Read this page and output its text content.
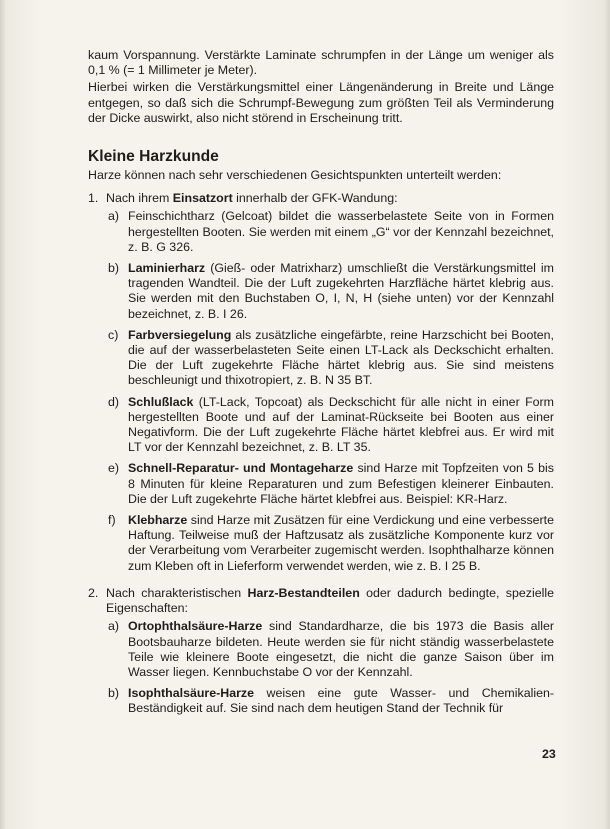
kaum Vorspannung. Verstärkte Laminate schrumpfen in der Länge um weniger als 0,1 % (= 1 Millimeter je Meter).

Hierbei wirken die Verstärkungsmittel einer Längenänderung in Breite und Länge entgegen, so daß sich die Schrumpf-Bewegung zum größten Teil als Verminderung der Dicke auswirkt, also nicht störend in Erscheinung tritt.

Kleine Harzkunde

Harze können nach sehr verschiedenen Gesichtspunkten unterteilt werden:

1. Nach ihrem Einsatzort innerhalb der GFK-Wandung:

a) Feinschichtharz (Gelcoat) bildet die wasserbelastete Seite von in Formen hergestellten Booten. Sie werden mit einem „G“ vor der Kennzahl bezeichnet, z. B. G 326.

b) Laminierharz (Gieß- oder Matrixharz) umschließt die Verstärkungsmittel im tragenden Wandteil. Die der Luft zugekehrten Harzfläche härtet klebrig aus. Sie werden mit den Buchstaben O, I, N, H (siehe unten) vor der Kennzahl bezeichnet, z. B. I 26.

c) Farbversiegelung als zusätzliche eingefärbte, reine Harzschicht bei Booten, die auf der wasserbelasteten Seite einen LT-Lack als Deckschicht erhalten. Die der Luft zugekehrte Fläche härtet klebrig aus. Sie sind meistens beschleunigt und thixotropiert, z. B. N 35 BT.

d) Schlußlack (LT-Lack, Topcoat) als Deckschicht für alle nicht in einer Form hergestellten Boote und auf der Laminat-Rückseite bei Booten aus einer Negativform. Die der Luft zugekehrte Fläche härtet klebfrei aus. Er wird mit LT vor der Kennzahl bezeichnet, z. B. LT 35.

e) Schnell-Reparatur- und Montageharze sind Harze mit Topfzeiten von 5 bis 8 Minuten für kleine Reparaturen und zum Befestigen kleinerer Einbauten. Die der Luft zugekehrte Fläche härtet klebfrei aus. Beispiel: KR-Harz.

f) Klebharze sind Harze mit Zusätzen für eine Verdickung und eine verbesserte Haftung. Teilweise muß der Haftzusatz als zusätzliche Komponente kurz vor der Verarbeitung vom Verarbeiter zugemischt werden. Isophthalharze können zum Kleben oft in Lieferform verwendet werden, wie z. B. I 25 B.

2. Nach charakteristischen Harz-Bestandteilen oder dadurch bedingte, spezielle Eigenschaften:

a) Ortophthalsäure-Harze sind Standardharze, die bis 1973 die Basis aller Bootsbauharze bildeten. Heute werden sie für nicht ständig wasserbelastete Teile wie kleinere Boote eingesetzt, die nicht die ganze Saison über im Wasser liegen. Kennbuchstabe O vor der Kennzahl.

b) Isophthalsäure-Harze weisen eine gute Wasser- und Chemikalien-Beständigkeit auf. Sie sind nach dem heutigen Stand der Technik für

23
